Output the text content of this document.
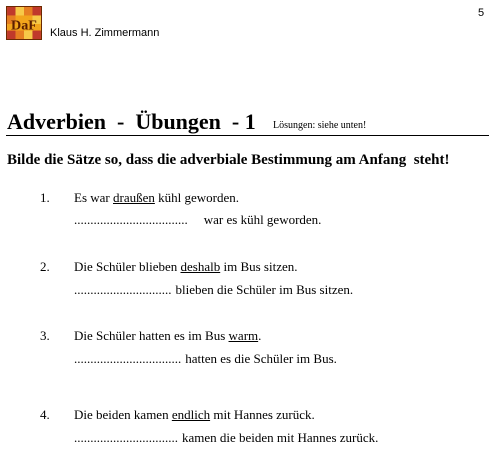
DaF Klaus H. Zimmermann
5
Adverbien  -  Übungen  - 1 Lösungen: siehe unten!
Bilde die Sätze so, dass die adverbiale Bestimmung am Anfang  steht!
1. Es war draußen kühl geworden.
................................... war es kühl geworden.
2. Die Schüler blieben deshalb im Bus sitzen.
.............................. blieben die Schüler im Bus sitzen.
3. Die Schüler hatten es im Bus warm.
................................. hatten es die Schüler im Bus.
4. Die beiden kamen endlich mit Hannes zurück.
................................ kamen die beiden mit Hannes zurück.
